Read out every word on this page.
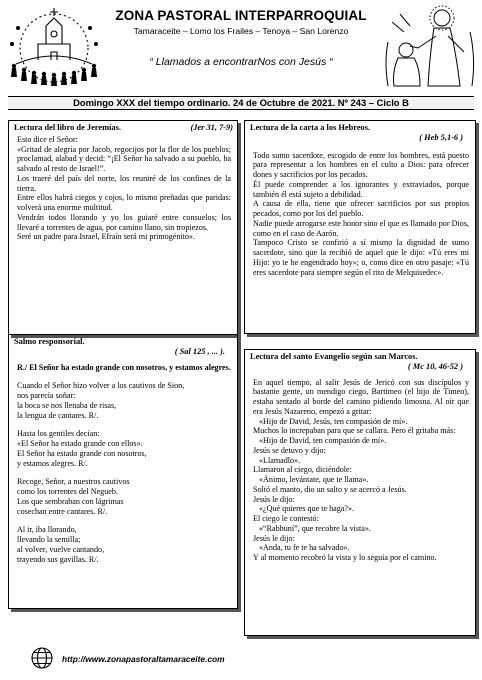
ZONA PASTORAL INTERPARROQUIAL
Tamaraceite – Lomo los Frailes – Tenoya – San Lorenzo
“ Llamados a encontrarNos con Jesús “
Domingo XXX del tiempo ordinario. 24 de Octubre de 2021. Nº 243 – Ciclo B
Lectura del libro de Jeremías.	(Jer 31, 7-9)

Esto dice el Señor:

«Gritad de alegría por Jacob, regocijos por la flor de los pueblos; proclamad, alabad y decid: “¡El Señor ha salvado a su pueblo, ha salvado al resto de Israel!”.

Los traeré del país del norte, los reuniré de los confines de la tierra.

Entre ellos habrá ciegos y cojos, lo mismo preñadas que paridas: volverá una enorme multitud.

Vendrán todos llorando y yo los guiaré entre consuelos; los llevaré a torrentes de agua, por camino llano, sin tropiezos.

Seré un padre para Israel, Efraín será mi primogénito».

Lectura de la carta a los Hebreos.
( Heb 5,1-6 )

Todo sumo sacerdote, escogido de entre los hombres, está puesto para representar a los hombres en el culto a Dios: para ofrecer dones y sacrificios por los pecados.

Él puede comprender a los ignorantes y extraviados, porque también él está sujeto a debilidad.

A causa de ella, tiene que ofrecer sacrificios por sus propios pecados, como por los del pueblo.

Nadie puede arrogarse este honor sino el que es llamado por Dios, como en el caso de Aarón.

Tampoco Cristo se confirió a sí mismo la dignidad de sumo sacerdote, sino que la recibió de aquel que le dijo: «Tú eres mi Hijo: yo te he engendrado hoy»; o, como dice en otro pasaje: «Tú eres sacerdote para siempre según el rito de Melquisedec».

Salmo responsorial.
( Sal 125 , ... ).

R./ El Señor ha estado grande con nosotros, y estamos alegres.

Cuando el Señor hizo volver a los cautivos de Sion,

nos parecía soñar:

la boca se nos llenaba de risas,

la lengua de cantares. R/.

Hasta los gentiles decían:

«El Señor ha estado grande con ellos».

El Señor ha estado grande con nosotros,

y estamos alegres. R/.

Recoge, Señor, a nuestros cautivos

como los torrentes del Negueb.

Los que sembraban con lágrimas

cosechan entre cantares. R/.

Al ir, iba llorando,

llevando la semilla;

al volver, vuelve cantando,

trayendo sus gavillas. R/.

Lectura del santo Evangelio según san Marcos.
( Mc 10, 46-52 )

En aquel tiempo, al salir Jesús de Jericó con sus discípulos y bastante gente, un mendigo ciego, Bartimeo (el hijo de Timeo), estaba sentado al borde del camino pidiendo limosna. Al oír que era Jesús Nazareno, empezó a gritar:

«Hijo de David, Jesús, ten compasión de mí».

Muchos lo increpaban para que se callara. Pero él gritaba más:

«Hijo de David, ten compasión de mí».

Jesús se detuvo y dijo:

«Llamadlo».

Llamaron al ciego, diciéndole:

«Ánimo, levántate, que te llama».

Soltó el manto, dio un salto y se acercó a Jesús.

Jesús le dijo:

«¿Qué quieres que te haga?».

El ciego le contestó:

«“Rabbuní”, que recobre la vista».

Jesús le dijo:

«Anda, tu fe te ha salvado».

Y al momento recobró la vista y lo seguía por el camino.

http://www.zonapastoraltamaraceite.com
